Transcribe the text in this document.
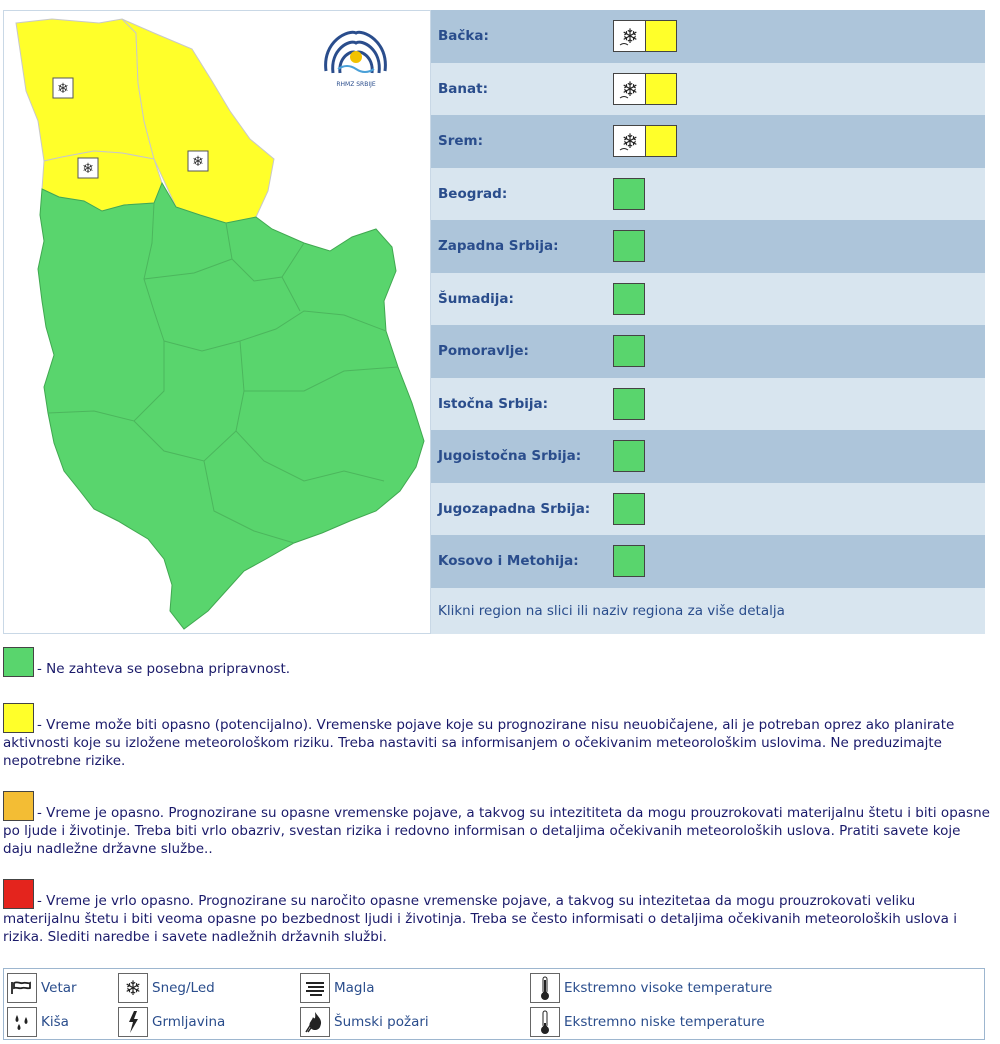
❄
❄	❄
RHMZ SRBIJE
Bačka:	❄
Banat:	❄
Srem:	❄
Beograd:
Zapadna Srbija:
Šumadija:
Pomoravlje:
Istočna Srbija:
Jugoistočna Srbija:
Jugozapadna Srbija:
Kosovo i Metohija:
Klikni region na slici ili naziv regiona za više detalja
- Ne zahteva se posebna pripravnost.
- Vreme može biti opasno (potencijalno). Vremenske pojave koje su prognozirane nisu neuobičajene, ali je potreban oprez ako planirate aktivnosti koje su izložene meteorološkom riziku. Treba nastaviti sa informisanjem o očekivanim meteorološkim uslovima. Ne preduzimajte nepotrebne rizike.
- Vreme je opasno. Prognozirane su opasne vremenske pojave, a takvog su intezititeta da mogu prouzrokovati materijalnu štetu i biti opasne po ljude i životinje. Treba biti vrlo obazriv, svestan rizika i redovno informisan o detaljima očekivanih meteoroloških uslova. Pratiti savete koje daju nadležne državne službe..
- Vreme je vrlo opasno. Prognozirane su naročito opasne vremenske pojave, a takvog su intezitetaa da mogu prouzrokovati veliku materijalnu štetu i biti veoma opasne po bezbednost ljudi i životinja. Treba se često informisati o detaljima očekivanih meteoroloških uslova i rizika. Slediti naredbe i savete nadležnih državnih službi.
Vetar
Kiša
❄ Sneg/Led
Grmljavina
Magla
Šumski požari
Ekstremno visoke temperature
Ekstremno niske temperature
